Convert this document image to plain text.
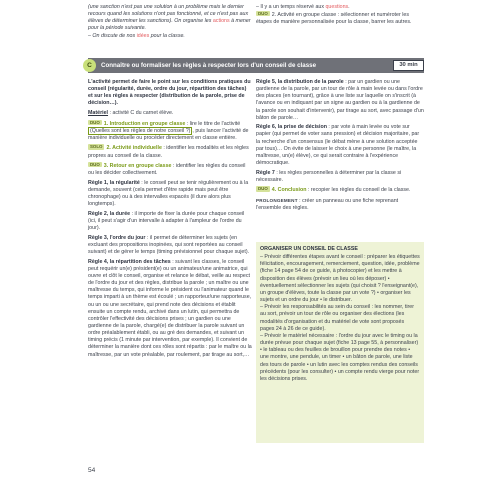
(une sanction n'est pas une solution à un problème mais le dernier recours quand les solutions n'ont pas fonctionné, et ce n'est pas aux élèves de déterminer les sanctions). On organise les actions à mener pour la période suivante.

– On discute de nos idées pour la classe.

– Il y a un temps réservé aux questions.

DUO 2. Activité en groupe classe : sélectionner et numéroter les étapes de manière personnalisée pour la classe, barrer les autres.

C	Connaître ou formaliser les règles à respecter lors d'un conseil de classe	30 min

L'activité permet de faire le point sur les conditions pratiques du conseil (régularité, durée, ordre du jour, répartition des tâches) et sur les règles à respecter (distribution de la parole, prise de décision…).

Matériel : activité C du carnet élève.

DUO 1. Introduction en groupe classe : lire le titre de l'activité (Quelles sont les règles de notre conseil ?) , puis lancer l'activité de manière individuelle ou procéder directement en classe entière.

SOLO 2. Activité individuelle : identifier les modalités et les règles propres au conseil de la classe.

DUO 3. Retour en groupe classe : identifier les règles du conseil ou les décider collectivement.

Règle 1, la régularité : le conseil peut se tenir régulièrement ou à la demande, souvent (cela permet d'être rapide mais peut être chronophage) ou à des intervalles espacés (il dure alors plus longtemps).

Règle 2, la durée : il importe de fixer la durée pour chaque conseil (ici, il peut s'agir d'un intervalle à adapter à l'ampleur de l'ordre du jour).

Règle 3, l'ordre du jour : il permet de déterminer les sujets (en excluant des propositions inopinées, qui sont reportées au conseil suivant) et de gérer le temps (timing prévisionnel pour chaque sujet).

Règle 4, la répartition des tâches : suivant les classes, le conseil peut requérir un(e) président(e) ou un animateur/une animatrice, qui ouvre et clôt le conseil, organise et relance le débat, veille au respect de l'ordre du jour et des règles, distribue la parole ; un maître ou une maîtresse du temps, qui informe le président ou l'animateur quand le temps imparti à un thème est écoulé ; un rapporteur/une rapporteuse, ou un ou une secrétaire, qui prend note des décisions et établit ensuite un compte rendu, archivé dans un lutin, qui permettra de contrôler l'effectivité des décisions prises ; un gardien ou une gardienne de la parole, chargé(e) de distribuer la parole suivant un ordre préalablement établi, ou au gré des demandes, et suivant un timing précis (1 minute par intervention, par exemple). Il convient de déterminer la manière dont ces rôles sont répartis : par le maître ou la maîtresse, par un vote préalable, par roulement, par tirage au sort,…

Règle 5, la distribution de la parole : par un gardien ou une gardienne de la parole, par un tour de rôle à main levée ou dans l'ordre des places (en tournant), grâce à une liste sur laquelle on s'inscrit (à l'avance ou en indiquant par un signe au gardien ou à la gardienne de la parole son souhait d'intervenir), par tirage au sort, avec passage d'un bâton de parole…

Règle 6, la prise de décision : par vote à main levée ou vote sur papier (qui permet de voter sans pression) et décision majoritaire, par la recherche d'un consensus (le débat mène à une solution acceptée par tous)… On évite de laisser le choix à une personne (le maître, la maîtresse, un(e) élève), ce qui serait contraire à l'expérience démocratique.

Règle 7 : les règles personnelles à déterminer par la classe si nécessaire.

DUO 4. Conclusion : recopier les règles du conseil de la classe.

PROLONGEMENT : créer un panneau ou une fiche reprenant l'ensemble des règles.

ORGANISER UN CONSEIL DE CLASSE
– Prévoir différentes étapes avant le conseil : préparer les étiquettes félicitation, encouragement, remerciement, question, idée, problème (fiche 14 page 54 de ce guide, à photocopier) et les mettre à disposition des élèves (prévoir un lieu où les déposer) • éventuellement sélectionner les sujets (qui choisit ? l'enseignant(e), un groupe d'élèves, toute la classe par un vote ?) • organiser les sujets et un ordre du jour • le distribuer.
– Prévoir les responsabilités au sein du conseil : les nommer, tirer au sort, prévoir un tour de rôle ou organiser des élections (les modalités d'organisation et du matériel de vote sont proposés pages 24 à 26 de ce guide).
– Prévoir le matériel nécessaire : l'ordre du jour avec le timing ou la durée prévue pour chaque sujet (fiche 13 page 55, à personnaliser) • le tableau ou des feuilles de brouillon pour prendre des notes • une montre, une pendule, un timer • un bâton de parole, une liste des tours de parole • un lutin avec les comptes rendus des conseils précédents (pour les consulter) • un compte rendu vierge pour noter les décisions prises.
54
